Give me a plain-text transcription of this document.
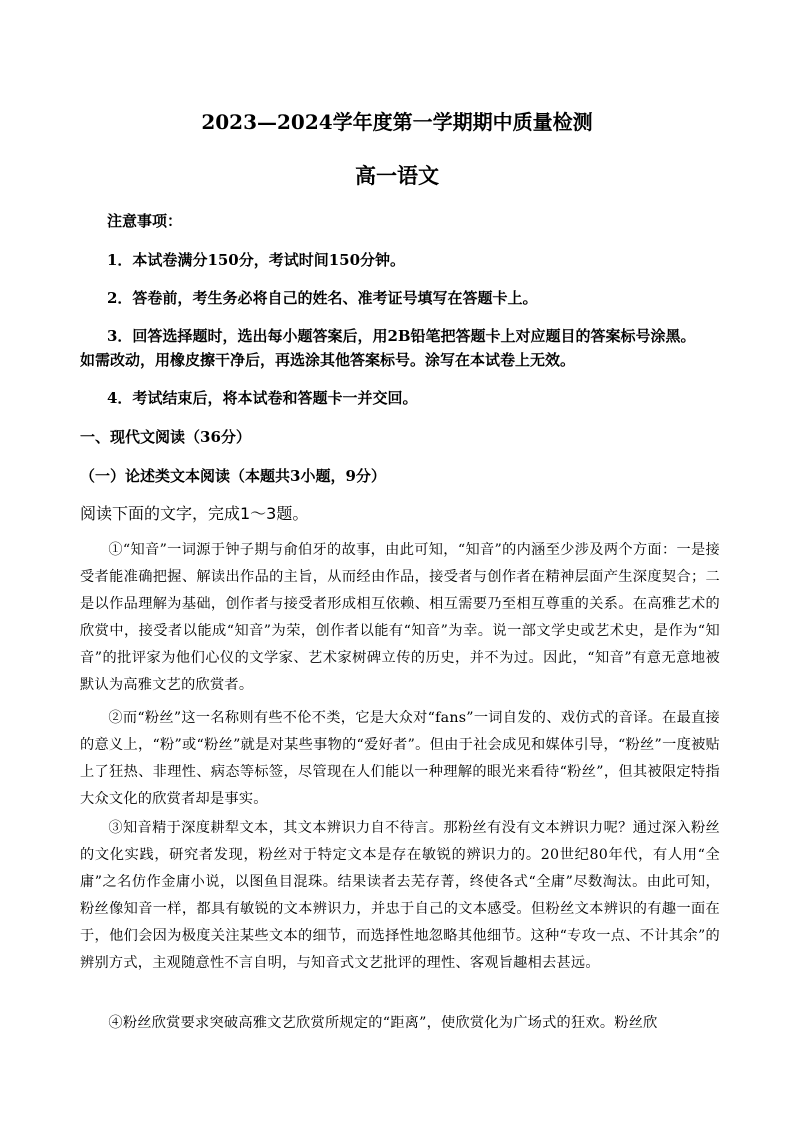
2023—2024学年度第一学期期中质量检测
高一语文

注意事项：

1．本试卷满分150分，考试时间150分钟。

2．答卷前，考生务必将自己的姓名、准考证号填写在答题卡上。

3．回答选择题时，选出每小题答案后，用2B铅笔把答题卡上对应题目的答案标号涂黑。

如需改动，用橡皮擦干净后，再选涂其他答案标号。涂写在本试卷上无效。

4．考试结束后，将本试卷和答题卡一并交回。

一、现代文阅读（36分）

（一）论述类文本阅读（本题共3小题，9分）

阅读下面的文字，完成1～3题。

①“知音”一词源于钟子期与俞伯牙的故事，由此可知，“知音”的内涵至少涉及两个方面：一是接受者能准确把握、解读出作品的主旨，从而经由作品，接受者与创作者在精神层面产生深度契合；二是以作品理解为基础，创作者与接受者形成相互依赖、相互需要乃至相互尊重的关系。在高雅艺术的欣赏中，接受者以能成“知音”为荣，创作者以能有“知音”为幸。说一部文学史或艺术史，是作为“知音”的批评家为他们心仪的文学家、艺术家树碑立传的历史，并不为过。因此，“知音”有意无意地被默认为高雅文艺的欣赏者。

②而“粉丝”这一名称则有些不伦不类，它是大众对“fans”一词自发的、戏仿式的音译。在最直接的意义上，“粉”或“粉丝”就是对某些事物的“爱好者”。但由于社会成见和媒体引导，“粉丝”一度被贴上了狂热、非理性、病态等标签，尽管现在人们能以一种理解的眼光来看待“粉丝”，但其被限定特指大众文化的欣赏者却是事实。

③知音精于深度耕犁文本，其文本辨识力自不待言。那粉丝有没有文本辨识力呢？通过深入粉丝的文化实践，研究者发现，粉丝对于特定文本是存在敏锐的辨识力的。20世纪80年代，有人用“全庸”之名仿作金庸小说，以图鱼目混珠。结果读者去芜存菁，终使各式“全庸”尽数淘汰。由此可知，粉丝像知音一样，都具有敏锐的文本辨识力，并忠于自己的文本感受。但粉丝文本辨识的有趣一面在于，他们会因为极度关注某些文本的细节，而选择性地忽略其他细节。这种“专攻一点、不计其余”的辨别方式，主观随意性不言自明，与知音式文艺批评的理性、客观旨趣相去甚远。

④粉丝欣赏要求突破高雅文艺欣赏所规定的“距离”，使欣赏化为广场式的狂欢。粉丝欣
